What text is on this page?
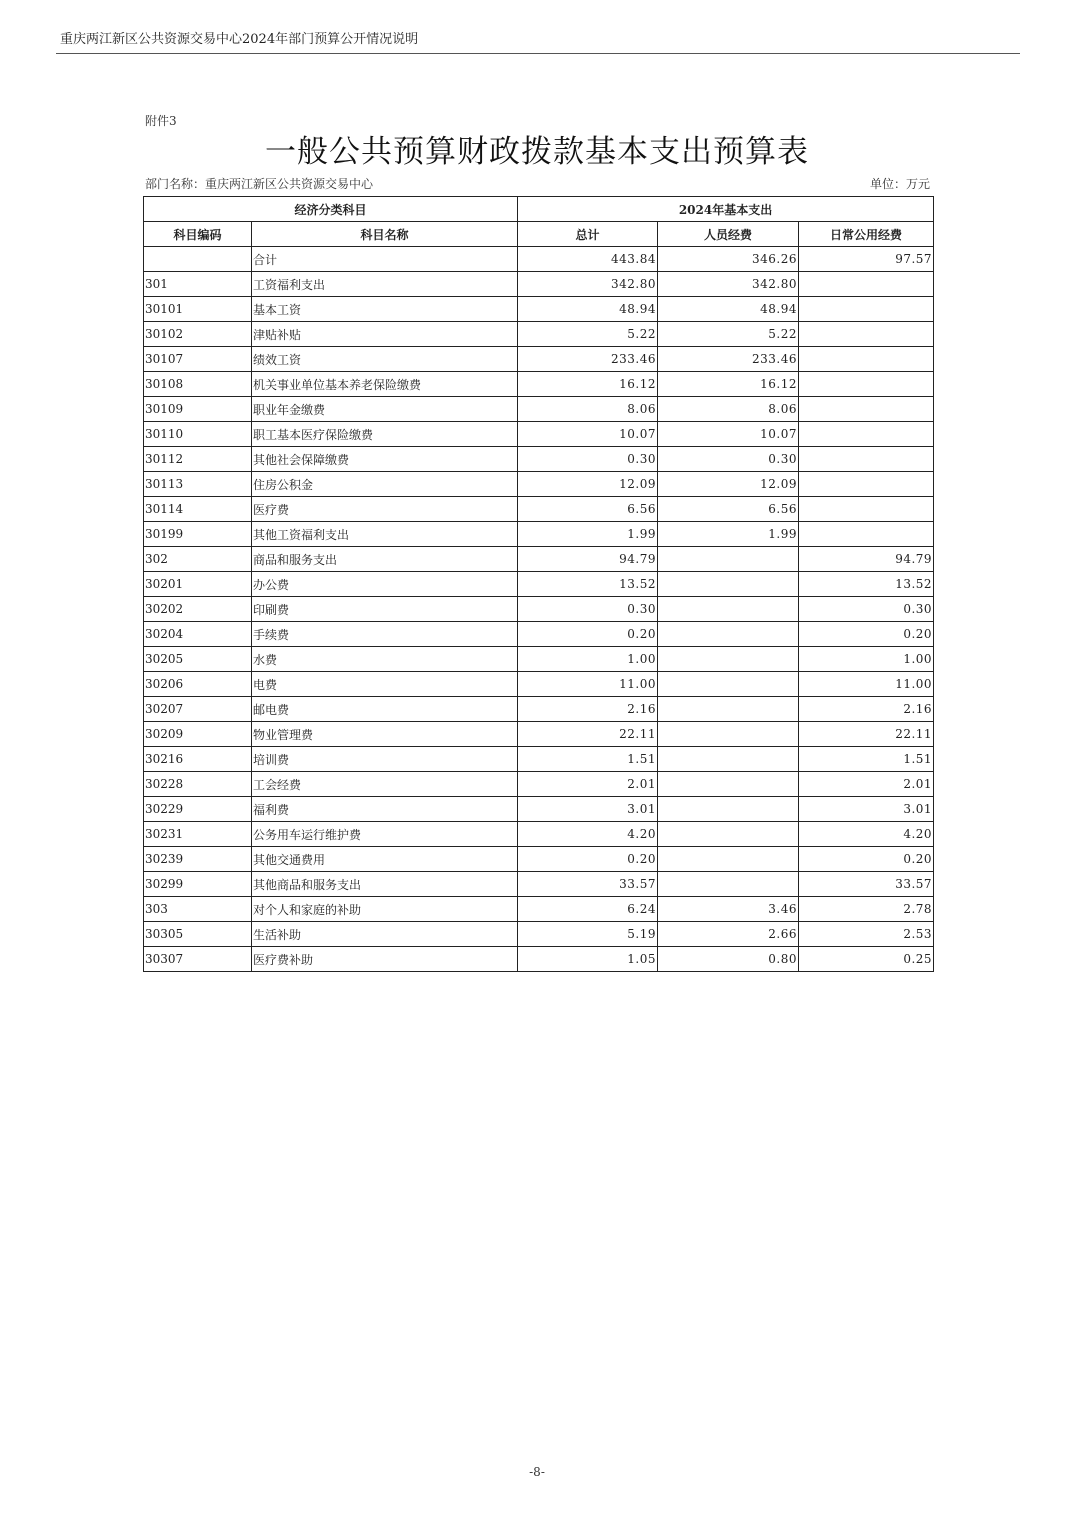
重庆两江新区公共资源交易中心2024年部门预算公开情况说明
附件3
一般公共预算财政拨款基本支出预算表
部门名称：重庆两江新区公共资源交易中心	单位：万元
经济分类科目		2024年基本支出		
科目编码	科目名称	总计	人员经费	日常公用经费
	合计	443.84	346.26	97.57
301	工资福利支出	342.80	342.80	
30101	基本工资	48.94	48.94	
30102	津贴补贴	5.22	5.22	
30107	绩效工资	233.46	233.46	
30108	机关事业单位基本养老保险缴费	16.12	16.12	
30109	职业年金缴费	8.06	8.06	
30110	职工基本医疗保险缴费	10.07	10.07	
30112	其他社会保障缴费	0.30	0.30	
30113	住房公积金	12.09	12.09	
30114	医疗费	6.56	6.56	
30199	其他工资福利支出	1.99	1.99	
302	商品和服务支出	94.79		94.79
30201	办公费	13.52		13.52
30202	印刷费	0.30		0.30
30204	手续费	0.20		0.20
30205	水费	1.00		1.00
30206	电费	11.00		11.00
30207	邮电费	2.16		2.16
30209	物业管理费	22.11		22.11
30216	培训费	1.51		1.51
30228	工会经费	2.01		2.01
30229	福利费	3.01		3.01
30231	公务用车运行维护费	4.20		4.20
30239	其他交通费用	0.20		0.20
30299	其他商品和服务支出	33.57		33.57
303	对个人和家庭的补助	6.24	3.46	2.78
30305	生活补助	5.19	2.66	2.53
30307	医疗费补助	1.05	0.80	0.25
-8-
